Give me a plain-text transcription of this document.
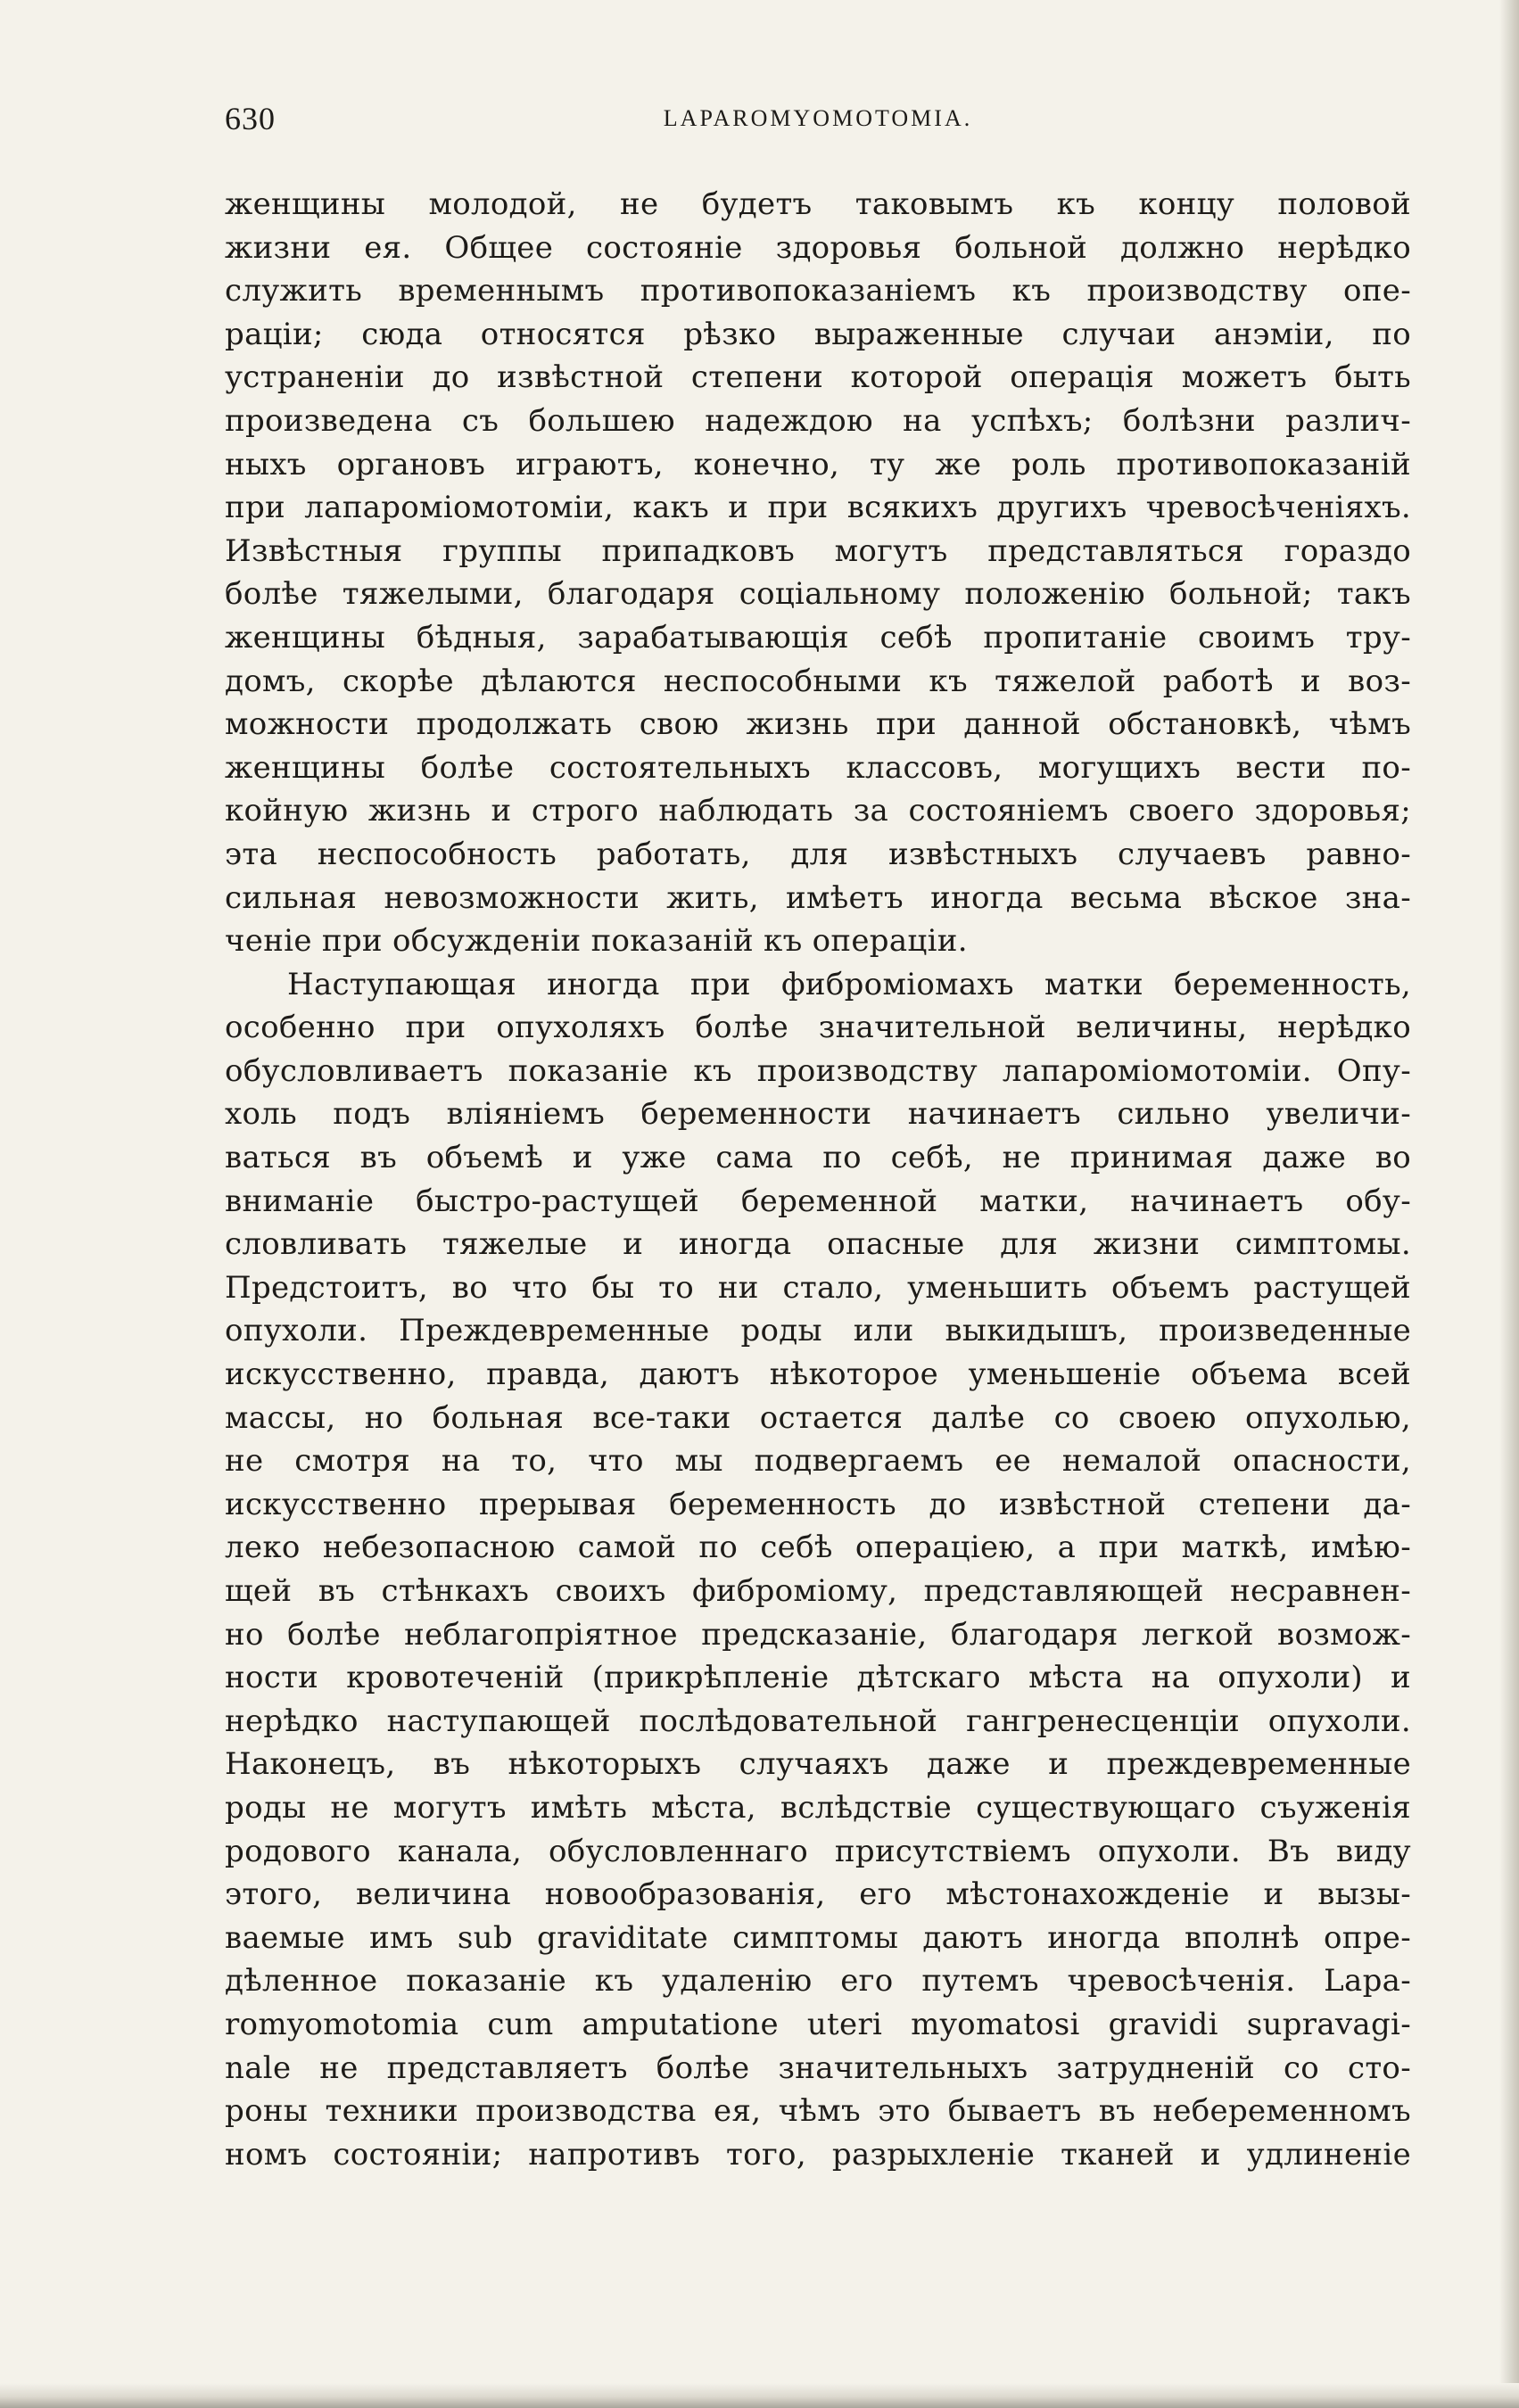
630	LAPAROMYOMOTOMIA.
женщины молодой, не будетъ таковымъ къ концу половой
жизни ея. Общее состоянiе здоровья больной должно нерѣдко
служить временнымъ противопоказанiемъ къ производству опе-
рацiи; сюда относятся рѣзко выраженные случаи анэмiи, по
устраненiи до извѣстной степени которой операцiя можетъ быть
произведена съ большею надеждою на успѣхъ; болѣзни различ-
ныхъ органовъ играютъ, конечно, ту же роль противопоказанiй
при лапаромiомотомiи, какъ и при всякихъ другихъ чревосѣченiяхъ.
Извѣстныя группы припадковъ могутъ представляться гораздо
болѣе тяжелыми, благодаря соцiальному положенiю больной; такъ
женщины бѣдныя, зарабатывающiя себѣ пропитанiе своимъ тру-
домъ, скорѣе дѣлаются неспособными къ тяжелой работѣ и воз-
можности продолжать свою жизнь при данной обстановкѣ, чѣмъ
женщины болѣе состоятельныхъ классовъ, могущихъ вести по-
койную жизнь и строго наблюдать за состоянiемъ своего здоровья;
эта неспособность работать, для извѣстныхъ случаевъ равно-
сильная невозможности жить, имѣетъ иногда весьма вѣское зна-
ченiе при обсужденiи показанiй къ операцiи.
Наступающая иногда при фибромiомахъ матки беременность,
особенно при опухоляхъ болѣе значительной величины, нерѣдко
обусловливаетъ показанiе къ производству лапаромiомотомiи. Опу-
холь подъ влiянiемъ беременности начинаетъ сильно увеличи-
ваться въ объемѣ и уже сама по себѣ, не принимая даже во
вниманiе быстро-растущей беременной матки, начинаетъ обу-
словливать тяжелые и иногда опасные для жизни симптомы.
Предстоитъ, во что бы то ни стало, уменьшить объемъ растущей
опухоли. Преждевременные роды или выкидышъ, произведенные
искусственно, правда, даютъ нѣкоторое уменьшенiе объема всей
массы, но больная все-таки остается далѣе со своею опухолью,
не смотря на то, что мы подвергаемъ ее немалой опасности,
искусственно прерывая беременность до извѣстной степени да-
леко небезопасною самой по себѣ операцiею, а при маткѣ, имѣю-
щей въ стѣнкахъ своихъ фибромiому, представляющей несравнен-
но болѣе неблагопрiятное предсказанiе, благодаря легкой возмож-
ности кровотеченiй (прикрѣпленiе дѣтскаго мѣста на опухоли) и
нерѣдко наступающей послѣдовательной гангренесценцiи опухоли.
Наконецъ, въ нѣкоторыхъ случаяхъ даже и преждевременные
роды не могутъ имѣть мѣста, вслѣдствiе существующаго съуженiя
родового канала, обусловленнаго присутствiемъ опухоли. Въ виду
этого, величина новообразованiя, его мѣстонахожденiе и вызы-
ваемые имъ sub graviditate симптомы даютъ иногда вполнѣ опре-
дѣленное показанiе къ удаленiю его путемъ чревосѣченiя. Lapa-
romyomotomia cum amputatione uteri myomatosi gravidi supravagi-
nale не представляетъ болѣе значительныхъ затрудненiй со сто-
роны техники производства ея, чѣмъ это бываетъ въ небеременномъ
номъ состоянiи; напротивъ того, разрыхленiе тканей и удлиненiе
